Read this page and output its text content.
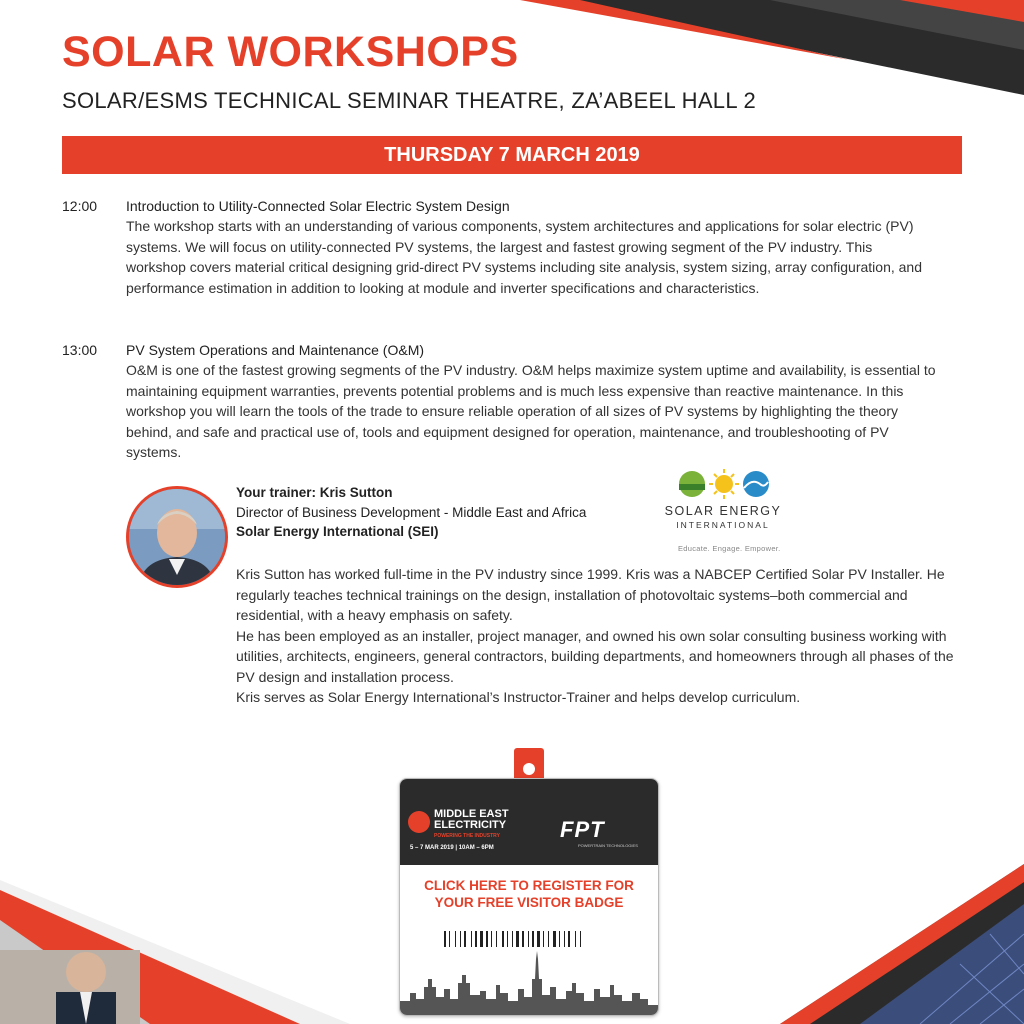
SOLAR WORKSHOPS
SOLAR/ESMS TECHNICAL SEMINAR THEATRE, ZA’ABEEL HALL 2
THURSDAY 7 MARCH 2019
12:00	Introduction to Utility-Connected Solar Electric System Design

The workshop starts with an understanding of various components, system architectures and applications for solar electric (PV) systems. We will focus on utility-connected PV systems, the largest and fastest growing segment of the PV industry. This workshop covers material critical designing grid-direct PV systems including site analysis, system sizing, array configuration, and performance estimation in addition to looking at module and inverter specifications and characteristics.

13:00	PV System Operations and Maintenance (O&M)

O&M is one of the fastest growing segments of the PV industry. O&M helps maximize system uptime and availability, is essential to maintaining equipment warranties, prevents potential problems and is much less expensive than reactive maintenance. In this workshop you will learn the tools of the trade to ensure reliable operation of all sizes of PV systems by highlighting the theory behind, and safe and practical use of, tools and equipment designed for operation, maintenance, and troubleshooting of PV systems.

Your trainer: Kris Sutton
Director of Business Development - Middle East and Africa
Solar Energy International (SEI)
SOLAR ENERGY
INTERNATIONAL
Educate. Engage. Empower.

Kris Sutton has worked full-time in the PV industry since 1999. Kris was a NABCEP Certified Solar PV Installer. He regularly teaches technical trainings on the design, installation of photovoltaic systems–both commercial and residential, with a heavy emphasis on safety.

He has been employed as an installer, project manager, and owned his own solar consulting business working with utilities, architects, engineers, general contractors, building departments, and homeowners through all phases of the PV design and installation process.

Kris serves as Solar Energy International’s Instructor-Trainer and helps develop curriculum.

MIDDLE EAST
ELECTRICITY
POWERING THE INDUSTRY
5 – 7 MAR 2019 | 10AM – 6PM
FPT
POWERTRAIN TECHNOLOGIES
CLICK HERE TO REGISTER FOR
YOUR FREE VISITOR BADGE
